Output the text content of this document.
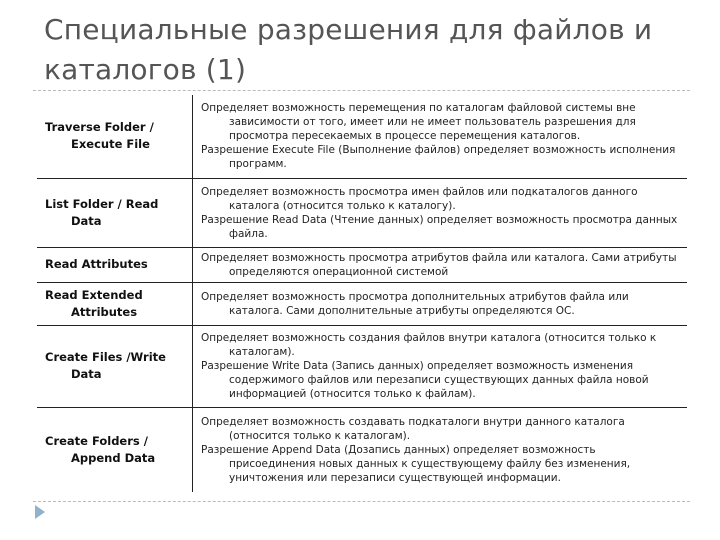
Специальные разрешения для файлов и каталогов (1)
Traverse Folder / Execute File	Определяет возможность перемещения по каталогам файловой системы вне зависимости от того, имеет или не имеет пользователь разрешения для просмотра пересекаемых в процессе перемещения каталогов.
Разрешение Execute File (Выполнение файлов) определяет возможность исполнения программ.

List Folder / Read Data	Определяет возможность просмотра имен файлов или подкаталогов данного каталога (относится только к каталогу).
Разрешение Read Data (Чтение данных) определяет возможность просмотра данных файла.

Read Attributes	Определяет возможность просмотра атрибутов файла или каталога. Сами атрибуты определяются операционной системой

Read Extended Attributes	Определяет возможность просмотра дополнительных атрибутов файла или каталога. Сами дополнительные атрибуты определяются ОС.

Create Files /Write Data	Определяет возможность создания файлов внутри каталога (относится только к каталогам).
Разрешение Write Data (Запись данных) определяет возможность изменения содержимого файлов или перезаписи существующих данных файла новой информацией (относится только к файлам).

Create Folders / Append Data	Определяет возможность создавать подкаталоги внутри данного каталога (относится только к каталогам).
Разрешение Append Data (Дозапись данных) определяет возможность присоединения новых данных к существующему файлу без изменения, уничтожения или перезаписи существующей информации.
